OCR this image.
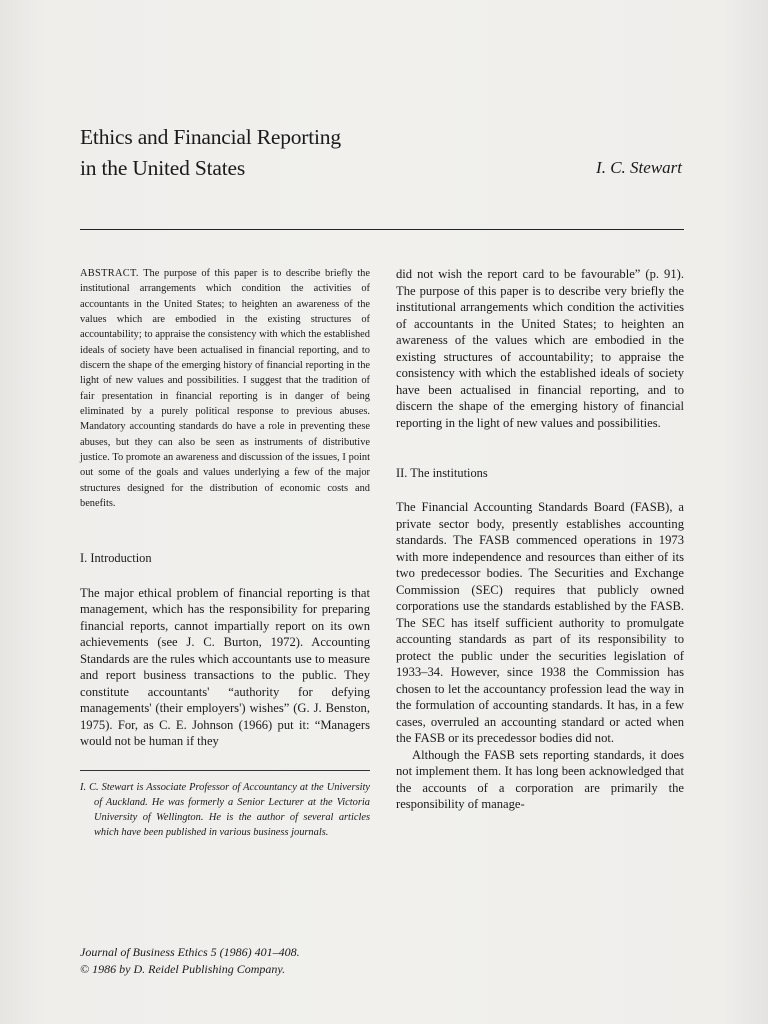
Ethics and Financial Reporting
in the United States	I. C. Stewart

ABSTRACT. The purpose of this paper is to describe briefly the institutional arrangements which condition the activities of accountants in the United States; to heighten an awareness of the values which are embodied in the existing structures of accountability; to appraise the consistency with which the established ideals of society have been actualised in financial reporting, and to discern the shape of the emerging history of financial reporting in the light of new values and possibilities. I suggest that the tradition of fair presentation in financial reporting is in danger of being eliminated by a purely political response to previous abuses. Mandatory accounting standards do have a role in preventing these abuses, but they can also be seen as instruments of distributive justice. To promote an awareness and discussion of the issues, I point out some of the goals and values underlying a few of the major structures designed for the distribution of economic costs and benefits.

I. Introduction

The major ethical problem of financial reporting is that management, which has the responsibility for preparing financial reports, cannot impartially report on its own achievements (see J. C. Burton, 1972). Accounting Standards are the rules which accountants use to measure and report business transactions to the public. They constitute accountants' “authority for defying managements' (their employers') wishes” (G. J. Benston, 1975). For, as C. E. Johnson (1966) put it: “Managers would not be human if they

I. C. Stewart is Associate Professor of Accountancy at the University of Auckland. He was formerly a Senior Lecturer at the Victoria University of Wellington. He is the author of several articles which have been published in various business journals.

did not wish the report card to be favourable” (p. 91). The purpose of this paper is to describe very briefly the institutional arrangements which condition the activities of accountants in the United States; to heighten an awareness of the values which are embodied in the existing structures of accountability; to appraise the consistency with which the established ideals of society have been actualised in financial reporting, and to discern the shape of the emerging history of financial reporting in the light of new values and possibilities.

II. The institutions

The Financial Accounting Standards Board (FASB), a private sector body, presently establishes accounting standards. The FASB commenced operations in 1973 with more independence and resources than either of its two predecessor bodies. The Securities and Exchange Commission (SEC) requires that publicly owned corporations use the standards established by the FASB. The SEC has itself sufficient authority to promulgate accounting standards as part of its responsibility to protect the public under the securities legislation of 1933–34. However, since 1938 the Commission has chosen to let the accountancy profession lead the way in the formulation of accounting standards. It has, in a few cases, overruled an accounting standard or acted when the FASB or its precedessor bodies did not.

Although the FASB sets reporting standards, it does not implement them. It has long been acknowledged that the accounts of a corporation are primarily the responsibility of manage-

Journal of Business Ethics 5 (1986) 401–408.
© 1986 by D. Reidel Publishing Company.
